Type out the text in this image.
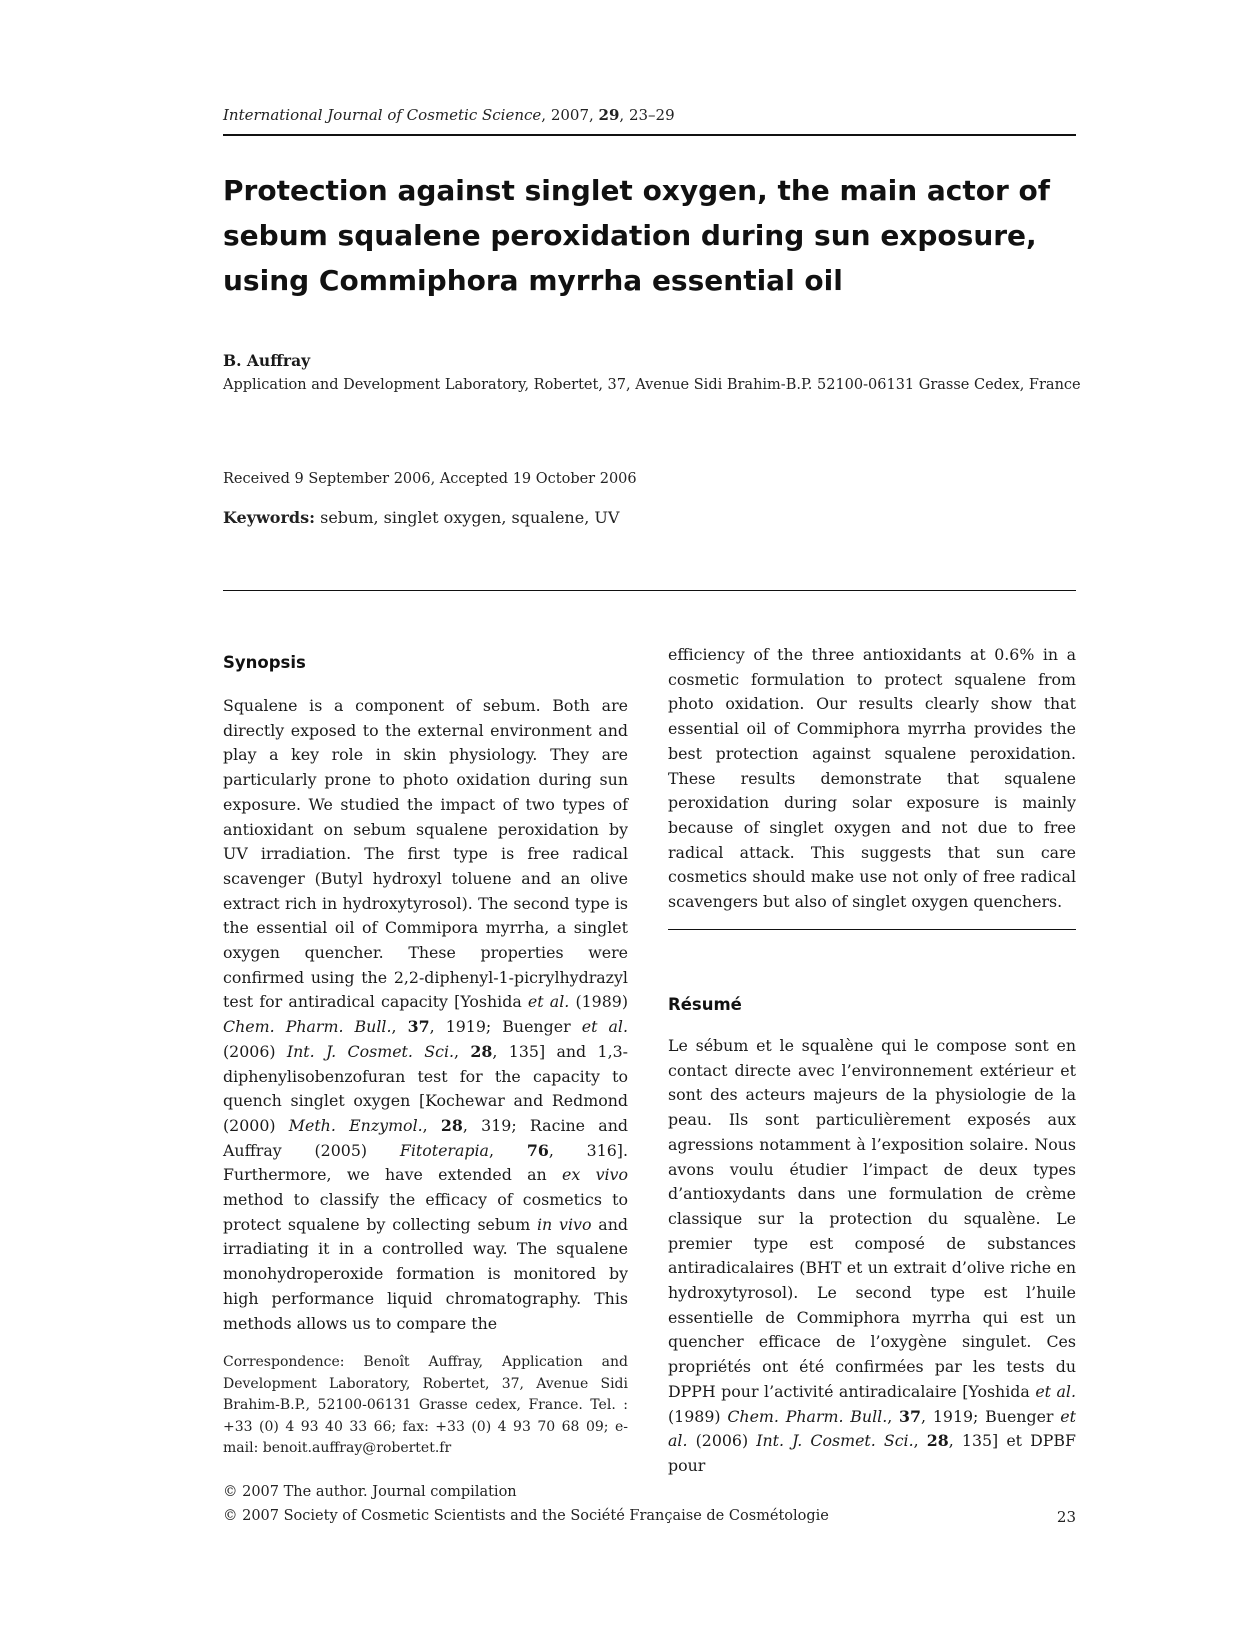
International Journal of Cosmetic Science, 2007, 29, 23–29
Protection against singlet oxygen, the main actor of sebum squalene peroxidation during sun exposure, using Commiphora myrrha essential oil
B. Auffray
Application and Development Laboratory, Robertet, 37, Avenue Sidi Brahim-B.P. 52100-06131 Grasse Cedex, France
Received 9 September 2006, Accepted 19 October 2006
Keywords: sebum, singlet oxygen, squalene, UV
Synopsis

Squalene is a component of sebum. Both are directly exposed to the external environment and play a key role in skin physiology. They are particularly prone to photo oxidation during sun exposure. We studied the impact of two types of antioxidant on sebum squalene peroxidation by UV irradiation. The first type is free radical scavenger (Butyl hydroxyl toluene and an olive extract rich in hydroxytyrosol). The second type is the essential oil of Commipora myrrha, a singlet oxygen quencher. These properties were confirmed using the 2,2-diphenyl-1-picrylhydrazyl test for antiradical capacity [Yoshida et al. (1989) Chem. Pharm. Bull., 37, 1919; Buenger et al. (2006) Int. J. Cosmet. Sci., 28, 135] and 1,3-diphenylisobenzofuran test for the capacity to quench singlet oxygen [Kochewar and Redmond (2000) Meth. Enzymol., 28, 319; Racine and Auffray (2005) Fitoterapia, 76, 316]. Furthermore, we have extended an ex vivo method to classify the efficacy of cosmetics to protect squalene by collecting sebum in vivo and irradiating it in a controlled way. The squalene monohydroperoxide formation is monitored by high performance liquid chromatography. This methods allows us to compare the

efficiency of the three antioxidants at 0.6% in a cosmetic formulation to protect squalene from photo oxidation. Our results clearly show that essential oil of Commiphora myrrha provides the best protection against squalene peroxidation. These results demonstrate that squalene peroxidation during solar exposure is mainly because of singlet oxygen and not due to free radical attack. This suggests that sun care cosmetics should make use not only of free radical scavengers but also of singlet oxygen quenchers.

Résumé

Le sébum et le squalène qui le compose sont en contact directe avec l’environnement extérieur et sont des acteurs majeurs de la physiologie de la peau. Ils sont particulièrement exposés aux agressions notamment à l’exposition solaire. Nous avons voulu étudier l’impact de deux types d’antioxydants dans une formulation de crème classique sur la protection du squalène. Le premier type est composé de substances antiradicalaires (BHT et un extrait d’olive riche en hydroxytyrosol). Le second type est l’huile essentielle de Commiphora myrrha qui est un quencher efficace de l’oxygène singulet. Ces propriétés ont été confirmées par les tests du DPPH pour l’activité antiradicalaire [Yoshida et al. (1989) Chem. Pharm. Bull., 37, 1919; Buenger et al. (2006) Int. J. Cosmet. Sci., 28, 135] et DPBF pour

Correspondence: Benoît Auffray, Application and Development Laboratory, Robertet, 37, Avenue Sidi Brahim-B.P., 52100-06131 Grasse cedex, France. Tel. : +33 (0) 4 93 40 33 66; fax: +33 (0) 4 93 70 68 09; e-mail: benoit.auffray@robertet.fr

© 2007 The author. Journal compilation
© 2007 Society of Cosmetic Scientists and the Société Française de Cosmétologie	23
